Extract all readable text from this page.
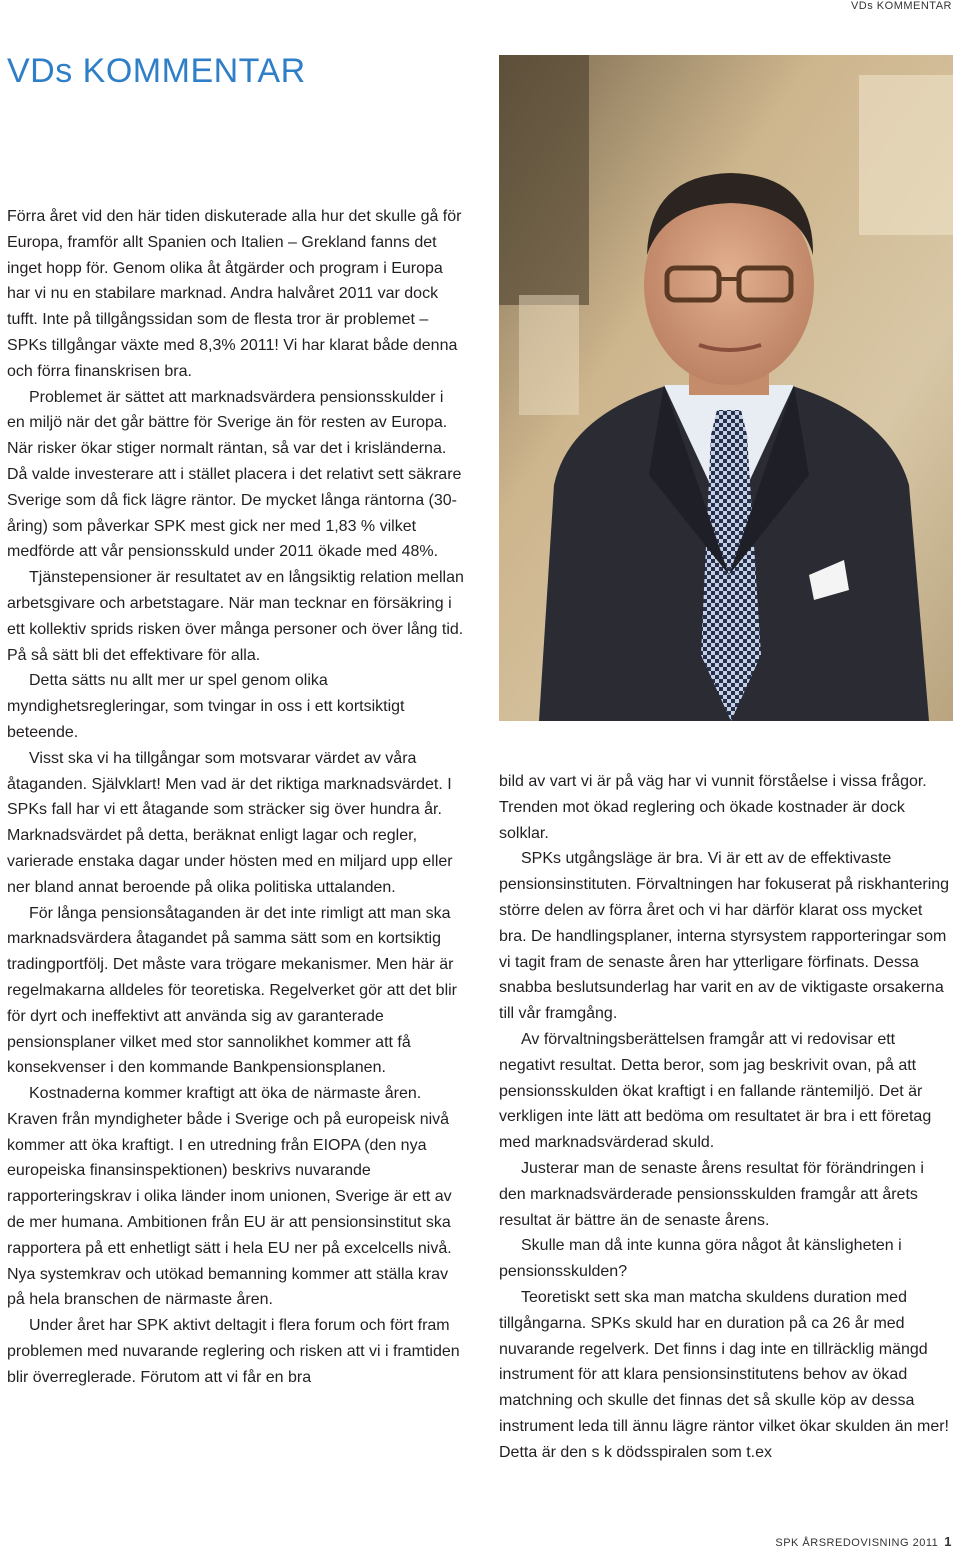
VDs KOMMENTAR
VDs KOMMENTAR

Förra året vid den här tiden diskuterade alla hur det skulle gå för Europa, framför allt Spanien och Italien – Grekland fanns det inget hopp för. Genom olika åt åtgärder och program i Europa har vi nu en stabilare marknad. Andra halvåret 2011 var dock tufft. Inte på tillgångssidan som de flesta tror är problemet – SPKs tillgångar växte med 8,3% 2011! Vi har klarat både denna och förra finanskrisen bra.

Problemet är sättet att marknadsvärdera pensionsskulder i en miljö när det går bättre för Sverige än för resten av Europa. När risker ökar stiger normalt räntan, så var det i krisländerna. Då valde investerare att i stället placera i det relativt sett säkrare Sverige som då fick lägre räntor. De mycket långa räntorna (30-åring) som påverkar SPK mest gick ner med 1,83 % vilket medförde att vår pensionsskuld under 2011 ökade med 48%.

Tjänstepensioner är resultatet av en långsiktig relation mellan arbetsgivare och arbetstagare. När man tecknar en försäkring i ett kollektiv sprids risken över många personer och över lång tid. På så sätt bli det effektivare för alla.

Detta sätts nu allt mer ur spel genom olika myndighetsregleringar, som tvingar in oss i ett kortsiktigt beteende.

Visst ska vi ha tillgångar som motsvarar värdet av våra åtaganden. Självklart! Men vad är det riktiga marknadsvärdet. I SPKs fall har vi ett åtagande som sträcker sig över hundra år. Marknadsvärdet på detta, beräknat enligt lagar och regler, varierade enstaka dagar under hösten med en miljard upp eller ner bland annat beroende på olika politiska uttalanden.

För långa pensionsåtaganden är det inte rimligt att man ska marknadsvärdera åtagandet på samma sätt som en kortsiktig tradingportfölj. Det måste vara trögare mekanismer. Men här är regelmakarna alldeles för teoretiska. Regelverket gör att det blir för dyrt och ineffektivt att använda sig av garanterade pensionsplaner vilket med stor sannolikhet kommer att få konsekvenser i den kommande Bankpensionsplanen.

Kostnaderna kommer kraftigt att öka de närmaste åren. Kraven från myndigheter både i Sverige och på europeisk nivå kommer att öka kraftigt. I en utredning från EIOPA (den nya europeiska finansinspektionen) beskrivs nuvarande rapporteringskrav i olika länder inom unionen, Sverige är ett av de mer humana. Ambitionen från EU är att pensionsinstitut ska rapportera på ett enhetligt sätt i hela EU ner på excelcells nivå. Nya systemkrav och utökad bemanning kommer att ställa krav på hela branschen de närmaste åren.

Under året har SPK aktivt deltagit i flera forum och fört fram problemen med nuvarande reglering och risken att vi i framtiden blir överreglerade. Förutom att vi får en bra

bild av vart vi är på väg har vi vunnit förståelse i vissa frågor. Trenden mot ökad reglering och ökade kostnader är dock solklar.

SPKs utgångsläge är bra. Vi är ett av de effektivaste pensionsinstituten. Förvaltningen har fokuserat på riskhantering större delen av förra året och vi har därför klarat oss mycket bra. De handlingsplaner, interna styrsystem rapporteringar som vi tagit fram de senaste åren har ytterligare förfinats. Dessa snabba beslutsunderlag har varit en av de viktigaste orsakerna till vår framgång.

Av förvaltningsberättelsen framgår att vi redovisar ett negativt resultat. Detta beror, som jag beskrivit ovan, på att pensionsskulden ökat kraftigt i en fallande räntemiljö. Det är verkligen inte lätt att bedöma om resultatet är bra i ett företag med marknadsvärderad skuld.

Justerar man de senaste årens resultat för förändringen i den marknadsvärderade pensionsskulden framgår att årets resultat är bättre än de senaste årens.

Skulle man då inte kunna göra något åt känsligheten i pensionsskulden?

Teoretiskt sett ska man matcha skuldens duration med tillgångarna. SPKs skuld har en duration på ca 26 år med nuvarande regelverk. Det finns i dag inte en tillräcklig mängd instrument för att klara pensionsinstitutens behov av ökad matchning och skulle det finnas det så skulle köp av dessa instrument leda till ännu lägre räntor vilket ökar skulden än mer! Detta är den s k dödsspiralen som t.ex

SPK ÅRSREDOVISNING 2011 1
